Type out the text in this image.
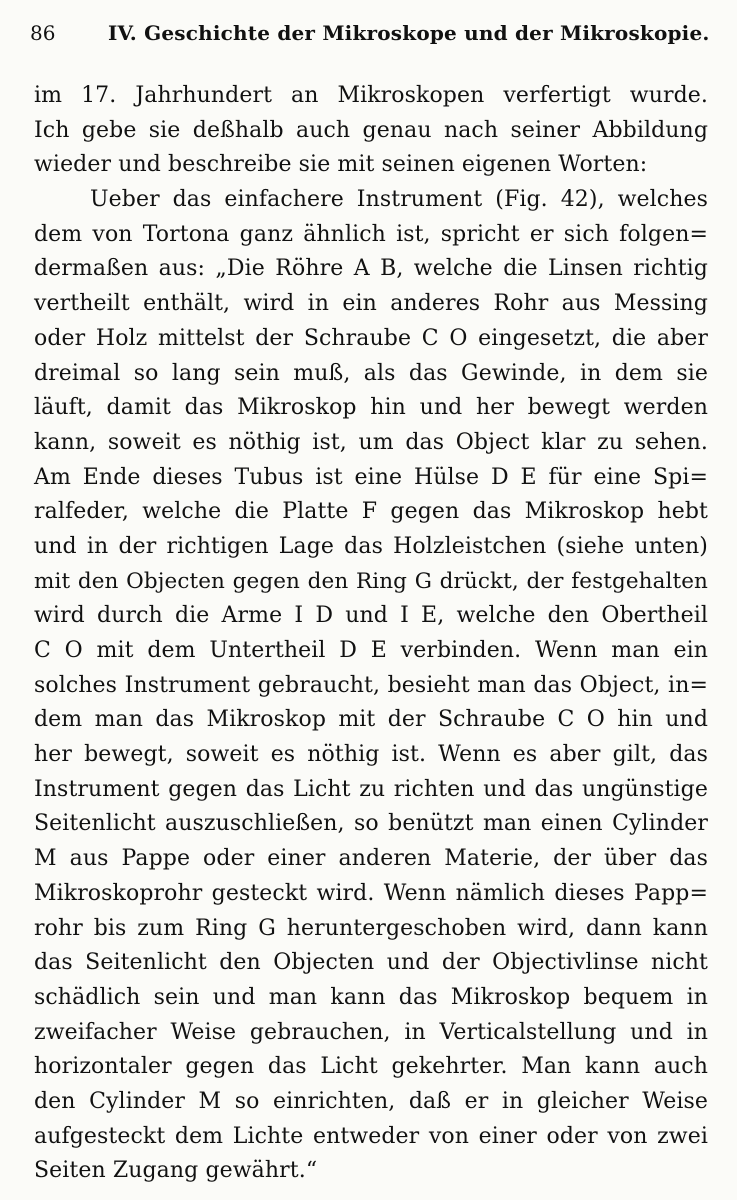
86	IV. Geschichte der Mikroskope und der Mikroskopie.
im 17. Jahrhundert an Mikroskopen verfertigt wurde.
Ich gebe sie deßhalb auch genau nach seiner Abbildung
wieder und beschreibe sie mit seinen eigenen Worten:
Ueber das einfachere Instrument (Fig. 42), welches
dem von Tortona ganz ähnlich ist, spricht er sich folgen=
dermaßen aus: „Die Röhre A B, welche die Linsen richtig
vertheilt enthält, wird in ein anderes Rohr aus Messing
oder Holz mittelst der Schraube C O eingesetzt, die aber
dreimal so lang sein muß, als das Gewinde, in dem sie
läuft, damit das Mikroskop hin und her bewegt werden
kann, soweit es nöthig ist, um das Object klar zu sehen.
Am Ende dieses Tubus ist eine Hülse D E für eine Spi=
ralfeder, welche die Platte F gegen das Mikroskop hebt
und in der richtigen Lage das Holzleistchen (siehe unten)
mit den Objecten gegen den Ring G drückt, der festgehalten
wird durch die Arme I D und I E, welche den Obertheil
C O mit dem Untertheil D E verbinden. Wenn man ein
solches Instrument gebraucht, besieht man das Object, in=
dem man das Mikroskop mit der Schraube C O hin und
her bewegt, soweit es nöthig ist. Wenn es aber gilt, das
Instrument gegen das Licht zu richten und das ungünstige
Seitenlicht auszuschließen, so benützt man einen Cylinder
M aus Pappe oder einer anderen Materie, der über das
Mikroskoprohr gesteckt wird. Wenn nämlich dieses Papp=
rohr bis zum Ring G heruntergeschoben wird, dann kann
das Seitenlicht den Objecten und der Objectivlinse nicht
schädlich sein und man kann das Mikroskop bequem in
zweifacher Weise gebrauchen, in Verticalstellung und in
horizontaler gegen das Licht gekehrter. Man kann auch
den Cylinder M so einrichten, daß er in gleicher Weise
aufgesteckt dem Lichte entweder von einer oder von zwei
Seiten Zugang gewährt.“
